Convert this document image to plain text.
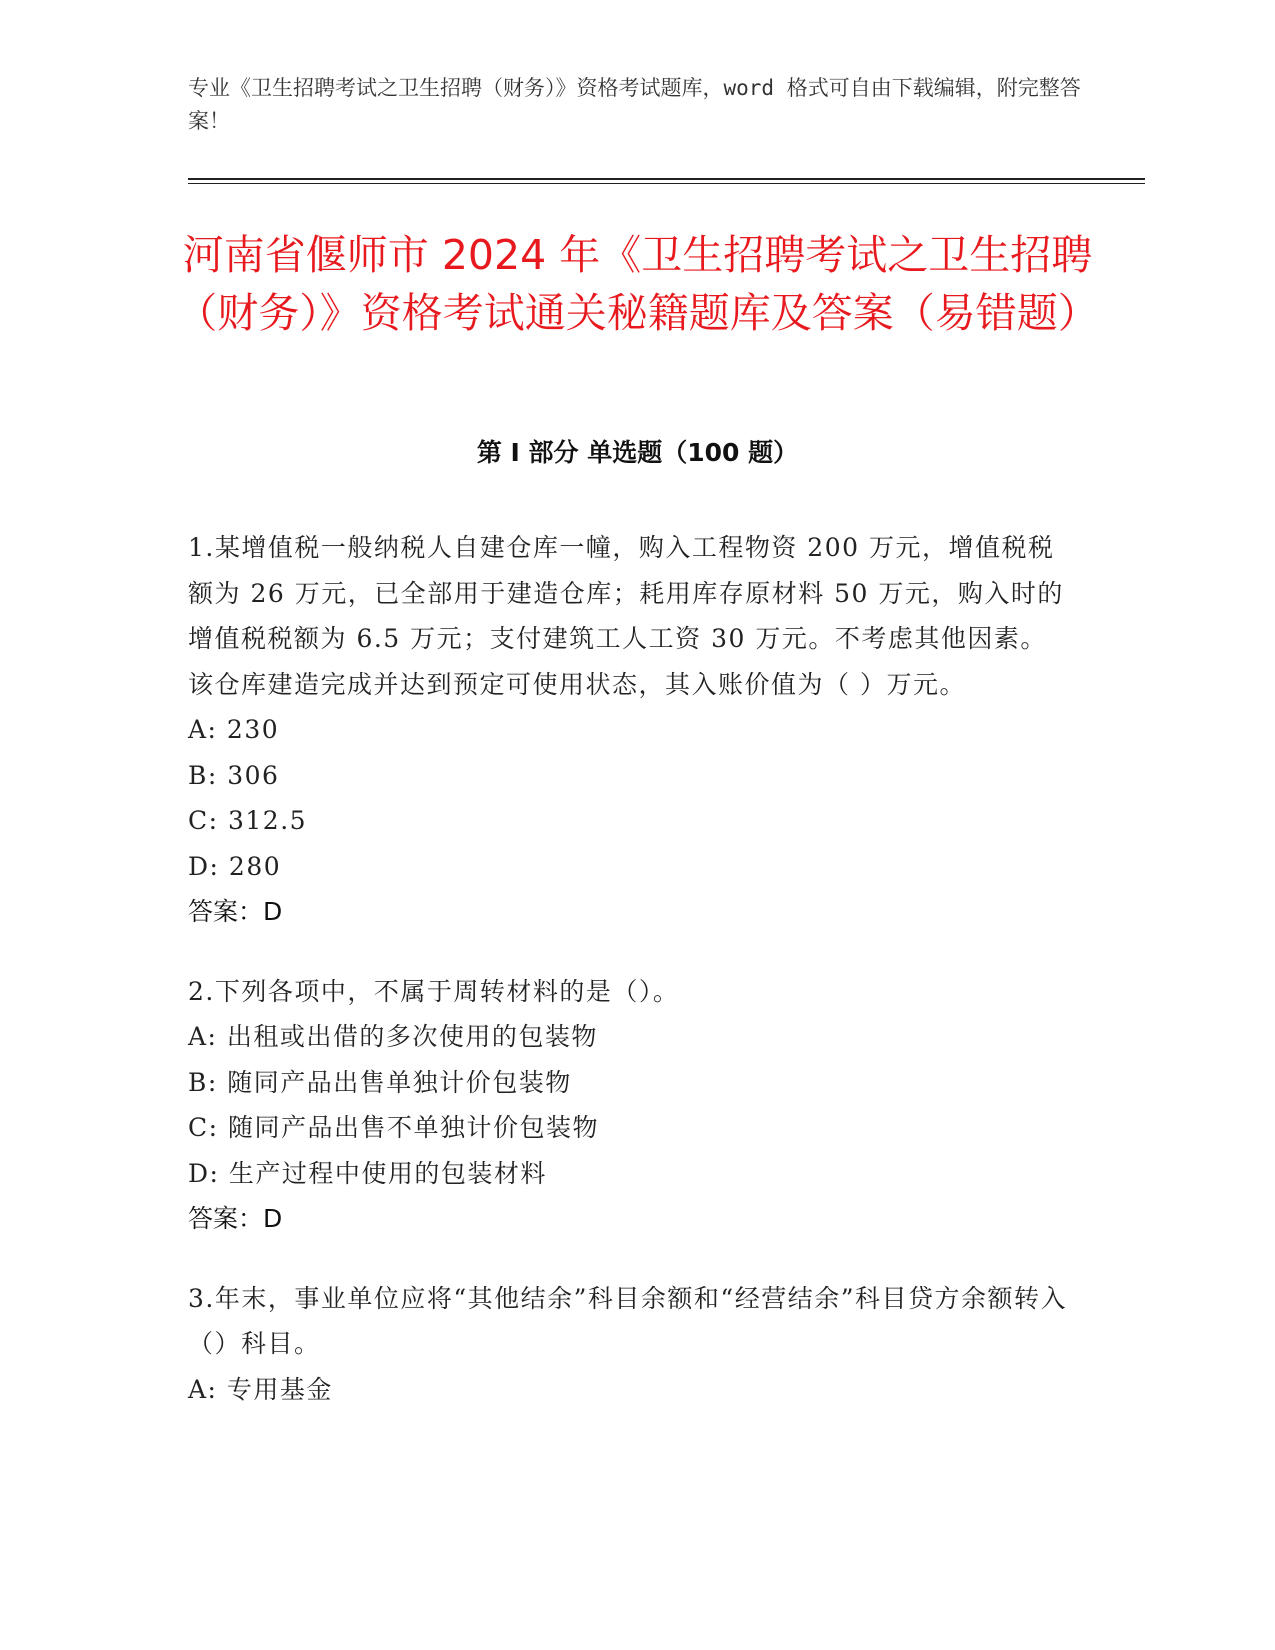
专业《卫生招聘考试之卫生招聘（财务）》资格考试题库，word 格式可自由下载编辑，附完整答案！
河南省偃师市 2024 年《卫生招聘考试之卫生招聘（财务）》资格考试通关秘籍题库及答案（易错题）
第 I 部分 单选题（100 题）

1.某增值税一般纳税人自建仓库一幢，购入工程物资 200 万元，增值税税额为 26 万元，已全部用于建造仓库；耗用库存原材料 50 万元，购入时的增值税税额为 6.5 万元；支付建筑工人工资 30 万元。不考虑其他因素。该仓库建造完成并达到预定可使用状态，其入账价值为（ ）万元。

A: 230

B: 306

C: 312.5

D: 280

答案：D

2.下列各项中，不属于周转材料的是（）。

A: 出租或出借的多次使用的包装物

B: 随同产品出售单独计价包装物

C: 随同产品出售不单独计价包装物

D: 生产过程中使用的包装材料

答案：D

3.年末，事业单位应将“其他结余”科目余额和“经营结余”科目贷方余额转入（）科目。

A: 专用基金
